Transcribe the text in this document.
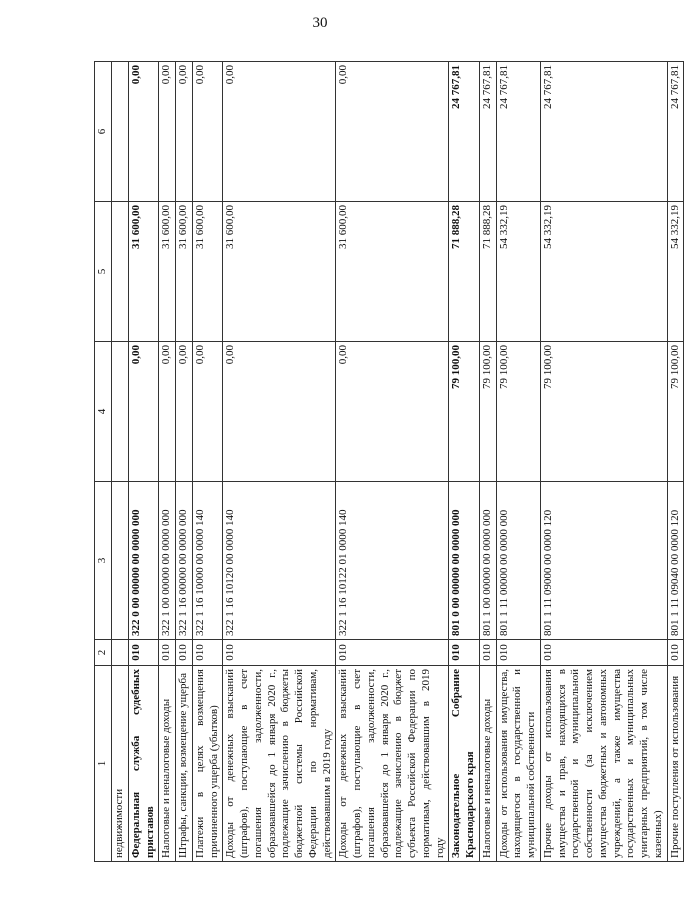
30
1	2	3	4	5	6
недвижимости					
Федеральная служба судебных приставов	010	322 0 00 00000 00 0000 000	0,00	31 600,00	0,00
Налоговые и неналоговые доходы	010	322 1 00 00000 00 0000 000	0,00	31 600,00	0,00
Штрафы, санкции, возмещение ущерба	010	322 1 16 00000 00 0000 000	0,00	31 600,00	0,00
Платежи в целях возмещения причиненного ущерба (убытков)	010	322 1 16 10000 00 0000 140	0,00	31 600,00	0,00
Доходы от денежных взысканий (штрафов), поступающие в счет погашения задолженности, образовавшейся до 1 января 2020 г., подлежащие зачислению в бюджеты бюджетной системы Российской Федерации по нормативам, действовавшим в 2019 году	010	322 1 16 10120 00 0000 140	0,00	31 600,00	0,00
Доходы от денежных взысканий (штрафов), поступающие в счет погашения задолженности, образовавшейся до 1 января 2020 г., подлежащие зачислению в бюджет субъекта Российской Федерации по нормативам, действовавшим в 2019 году	010	322 1 16 10122 01 0000 140	0,00	31 600,00	0,00
Законодательное Собрание Краснодарского края	010	801 0 00 00000 00 0000 000	79 100,00	71 888,28	24 767,81
Налоговые и неналоговые доходы	010	801 1 00 00000 00 0000 000	79 100,00	71 888,28	24 767,81
Доходы от использования имущества, находящегося в государственной и муниципальной собственности	010	801 1 11 00000 00 0000 000	79 100,00	54 332,19	24 767,81
Прочие доходы от использования имущества и прав, находящихся в государственной и муниципальной собственности (за исключением имущества бюджетных и автономных учреждений, а также имущества государственных и муниципальных унитарных предприятий, в том числе казенных)	010	801 1 11 09000 00 0000 120	79 100,00	54 332,19	24 767,81
Прочие поступления от использования	010	801 1 11 09040 00 0000 120	79 100,00	54 332,19	24 767,81
